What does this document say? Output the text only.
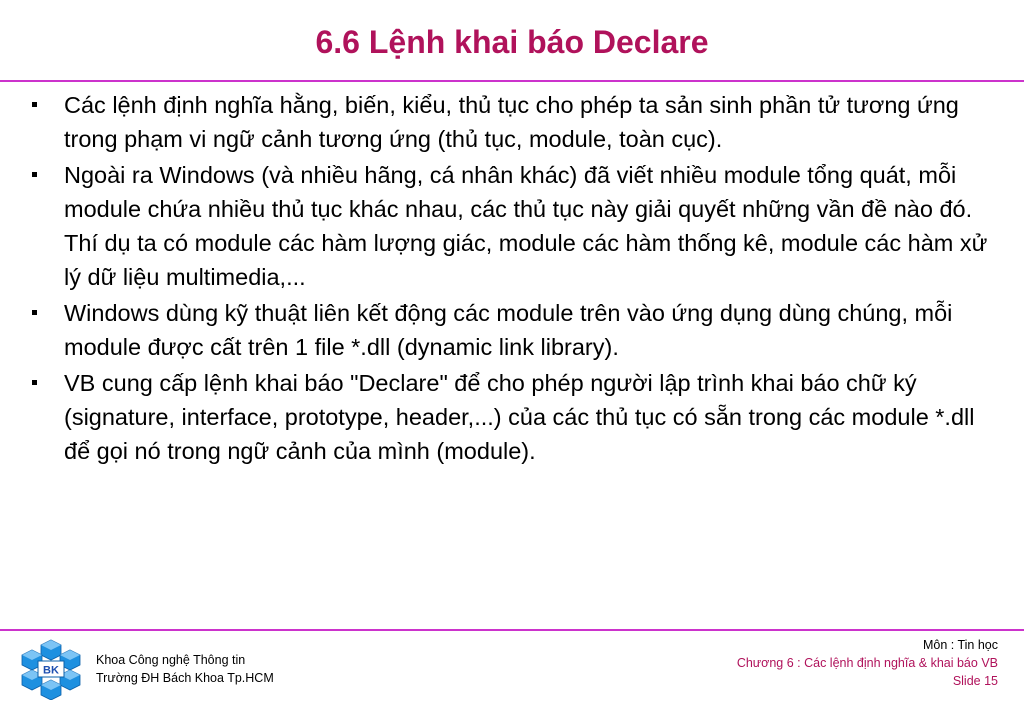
6.6 Lệnh khai báo Declare
Các lệnh định nghĩa hằng, biến, kiểu, thủ tục cho phép ta sản sinh phần tử tương ứng trong phạm vi ngữ cảnh tương ứng (thủ tục, module, toàn cục).
Ngoài ra Windows (và nhiều hãng, cá nhân khác) đã viết nhiều module tổng quát, mỗi module chứa nhiều thủ tục khác nhau, các thủ tục này giải quyết những vần đề nào đó. Thí dụ ta có module các hàm lượng giác, module các hàm thống kê, module các hàm xử lý dữ liệu multimedia,...
Windows dùng kỹ thuật liên kết động các module trên vào ứng dụng dùng chúng, mỗi module được cất trên 1 file *.dll (dynamic link library).
VB cung cấp lệnh khai báo "Declare" để cho phép người lập trình khai báo chữ ký (signature, interface, prototype, header,...) của các thủ tục có sẵn trong các module *.dll để gọi nó trong ngữ cảnh của mình (module).
BK
Khoa Công nghệ Thông tin
Trường ĐH Bách Khoa Tp.HCM
Môn : Tin học
Chương 6 : Các lệnh định nghĩa & khai báo VB
Slide 15
